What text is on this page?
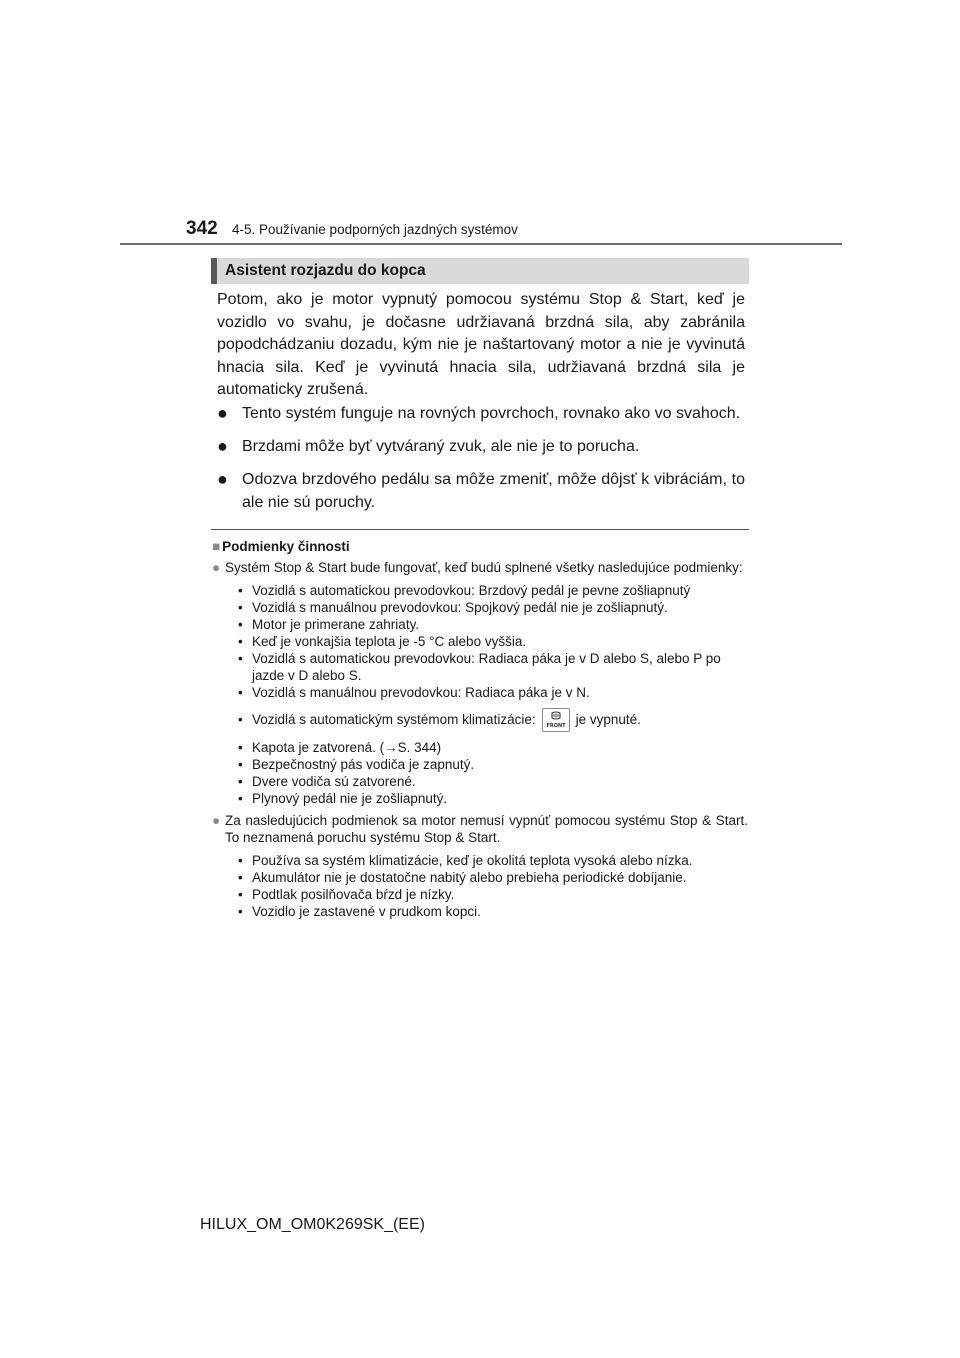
342 4-5. Používanie podporných jazdných systémov
Asistent rozjazdu do kopca

Potom, ako je motor vypnutý pomocou systému Stop & Start, keď je vozidlo vo svahu, je dočasne udržiavaná brzdná sila, aby zabránila popodchádzaniu dozadu, kým nie je naštartovaný motor a nie je vyvinutá hnacia sila. Keď je vyvinutá hnacia sila, udržiavaná brzdná sila je automaticky zrušená.

● Tento systém funguje na rovných povrchoch, rovnako ako vo svahoch.
● Brzdami môže byť vytváraný zvuk, ale nie je to porucha.
● Odozva brzdového pedálu sa môže zmeniť, môže dôjsť k vibráciám, to ale nie sú poruchy.

■ Podmienky činnosti

● Systém Stop & Start bude fungovať, keď budú splnené všetky nasledujúce podmienky:

• Vozidlá s automatickou prevodovkou: Brzdový pedál je pevne zošliapnutý
• Vozidlá s manuálnou prevodovkou: Spojkový pedál nie je zošliapnutý.
• Motor je primerane zahriaty.
• Keď je vonkajšia teplota je -5 °C alebo vyššia.
• Vozidlá s automatickou prevodovkou: Radiaca páka je v D alebo S, alebo P po jazde v D alebo S.
• Vozidlá s manuálnou prevodovkou: Radiaca páka je v N.
• Vozidlá s automatickým systémom klimatizácie: FRONT je vypnuté.
• Kapota je zatvorená. (→S. 344)
• Bezpečnostný pás vodiča je zapnutý.
• Dvere vodiča sú zatvorené.
• Plynový pedál nie je zošliapnutý.

● Za nasledujúcich podmienok sa motor nemusí vypnúť pomocou systému Stop & Start. To neznamená poruchu systému Stop & Start.

• Používa sa systém klimatizácie, keď je okolitá teplota vysoká alebo nízka.
• Akumulátor nie je dostatočne nabitý alebo prebieha periodické dobíjanie.
• Podtlak posilňovača bŕzd je nízky.
• Vozidlo je zastavené v prudkom kopci.
HILUX_OM_OM0K269SK_(EE)
